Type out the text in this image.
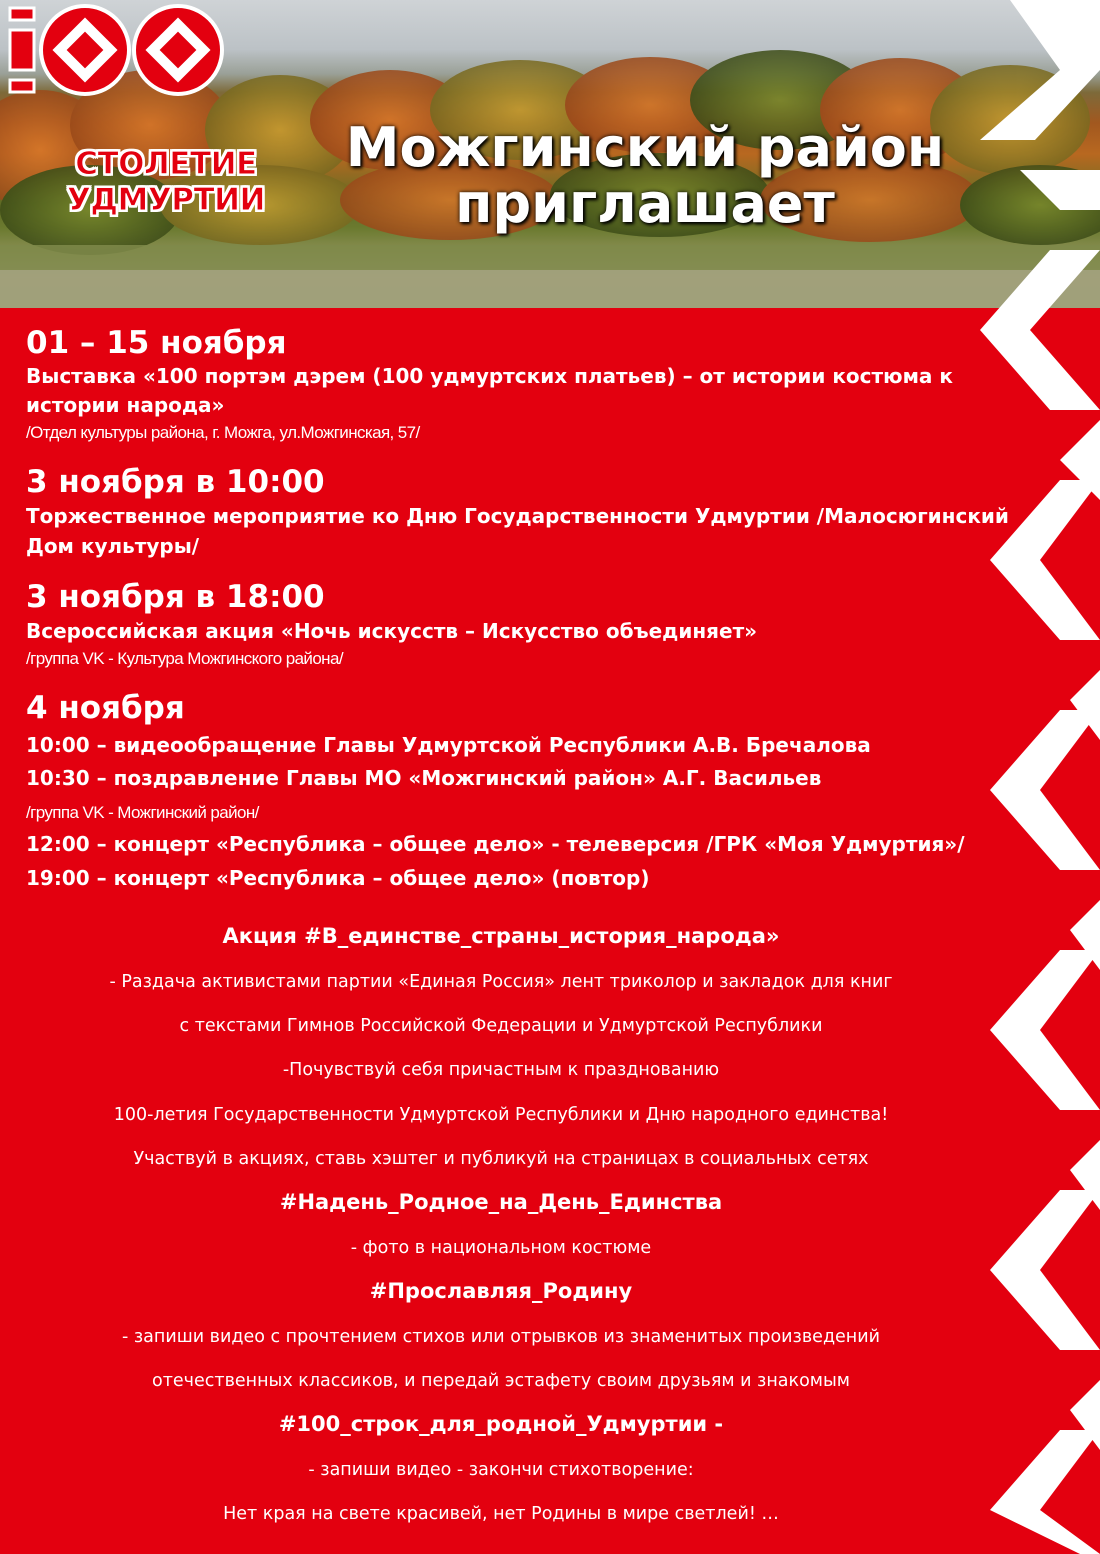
СТОЛЕТИЕ
УДМУРТИИ
Можгинский район
приглашает
01 – 15 ноября
Выставка «100 портэм дэрем (100 удмуртских платьев) – от истории костюма к
истории народа»
/Отдел культуры района, г. Можга, ул.Можгинская, 57/
3 ноября в 10:00
Торжественное мероприятие ко Дню Государственности Удмуртии /Малосюгинский
Дом культуры/
3 ноября в 18:00
Всероссийская акция «Ночь искусств – Искусство объединяет»
/группа VK - Культура Можгинского района/
4 ноября
10:00 – видеообращение Главы Удмуртской Республики А.В. Бречалова
10:30 – поздравление Главы МО «Можгинский район» А.Г. Васильев
/группа VK - Можгинский район/
12:00 – концерт «Республика – общее дело» - телеверсия /ГРК «Моя Удмуртия»/
19:00 – концерт «Республика – общее дело» (повтор)
Акция #В_единстве_страны_история_народа»
- Раздача активистами партии «Единая Россия» лент триколор и закладок для книг
с текстами Гимнов Российской Федерации и Удмуртской Республики
-Почувствуй себя причастным к празднованию
100-летия Государственности Удмуртской Республики и Дню народного единства!
Участвуй в акциях, ставь хэштег и публикуй на страницах в социальных сетях
#Надень_Родное_на_День_Единства
- фото в национальном костюме
#Прославляя_Родину
- запиши видео с прочтением стихов или отрывков из знаменитых произведений
отечественных классиков, и передай эстафету своим друзьям и знакомым
#100_строк_для_родной_Удмуртии -
- запиши видео - закончи стихотворение:
Нет края на свете красивей, нет Родины в мире светлей! …
